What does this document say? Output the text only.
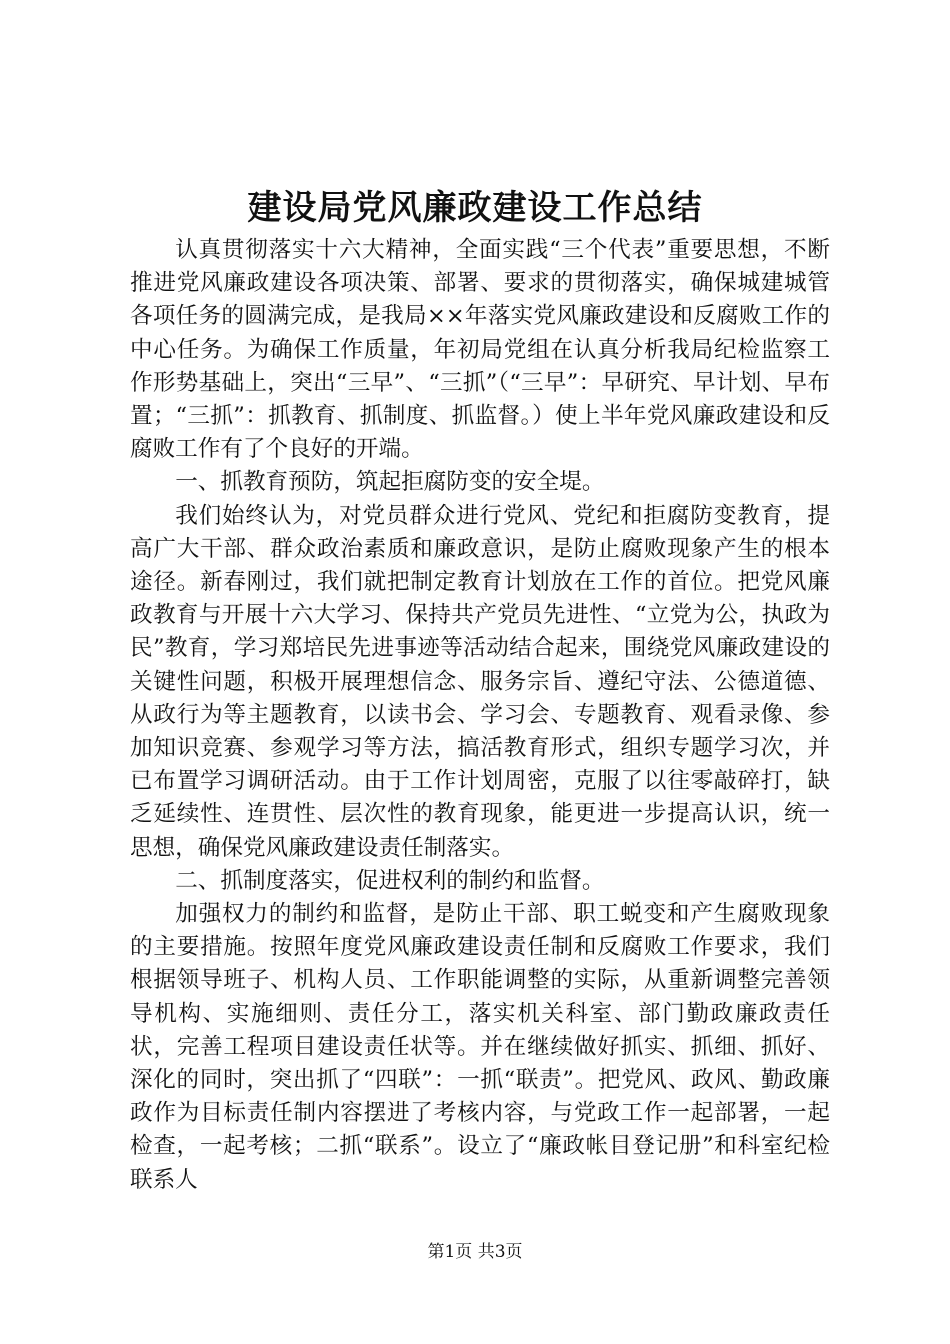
建设局党风廉政建设工作总结

认真贯彻落实十六大精神，全面实践“三个代表”重要思想，不断推进党风廉政建设各项决策、部署、要求的贯彻落实，确保城建城管各项任务的圆满完成，是我局××年落实党风廉政建设和反腐败工作的中心任务。为确保工作质量，年初局党组在认真分析我局纪检监察工作形势基础上，突出“三早”、“三抓”（“三早”：早研究、早计划、早布置；“三抓”：抓教育、抓制度、抓监督。）使上半年党风廉政建设和反腐败工作有了个良好的开端。

一、抓教育预防，筑起拒腐防变的安全堤。

我们始终认为，对党员群众进行党风、党纪和拒腐防变教育，提高广大干部、群众政治素质和廉政意识，是防止腐败现象产生的根本途径。新春刚过，我们就把制定教育计划放在工作的首位。把党风廉政教育与开展十六大学习、保持共产党员先进性、“立党为公，执政为民”教育，学习郑培民先进事迹等活动结合起来，围绕党风廉政建设的关键性问题，积极开展理想信念、服务宗旨、遵纪守法、公德道德、从政行为等主题教育，以读书会、学习会、专题教育、观看录像、参加知识竞赛、参观学习等方法，搞活教育形式，组织专题学习次，并已布置学习调研活动。由于工作计划周密，克服了以往零敲碎打，缺乏延续性、连贯性、层次性的教育现象，能更进一步提高认识，统一思想，确保党风廉政建设责任制落实。

二、抓制度落实，促进权利的制约和监督。

加强权力的制约和监督，是防止干部、职工蜕变和产生腐败现象的主要措施。按照年度党风廉政建设责任制和反腐败工作要求，我们根据领导班子、机构人员、工作职能调整的实际，从重新调整完善领导机构、实施细则、责任分工，落实机关科室、部门勤政廉政责任状，完善工程项目建设责任状等。并在继续做好抓实、抓细、抓好、深化的同时，突出抓了“四联”：一抓“联责”。把党风、政风、勤政廉政作为目标责任制内容摆进了考核内容，与党政工作一起部署，一起检查，一起考核；二抓“联系”。设立了“廉政帐目登记册”和科室纪检联系人

第1页 共3页
